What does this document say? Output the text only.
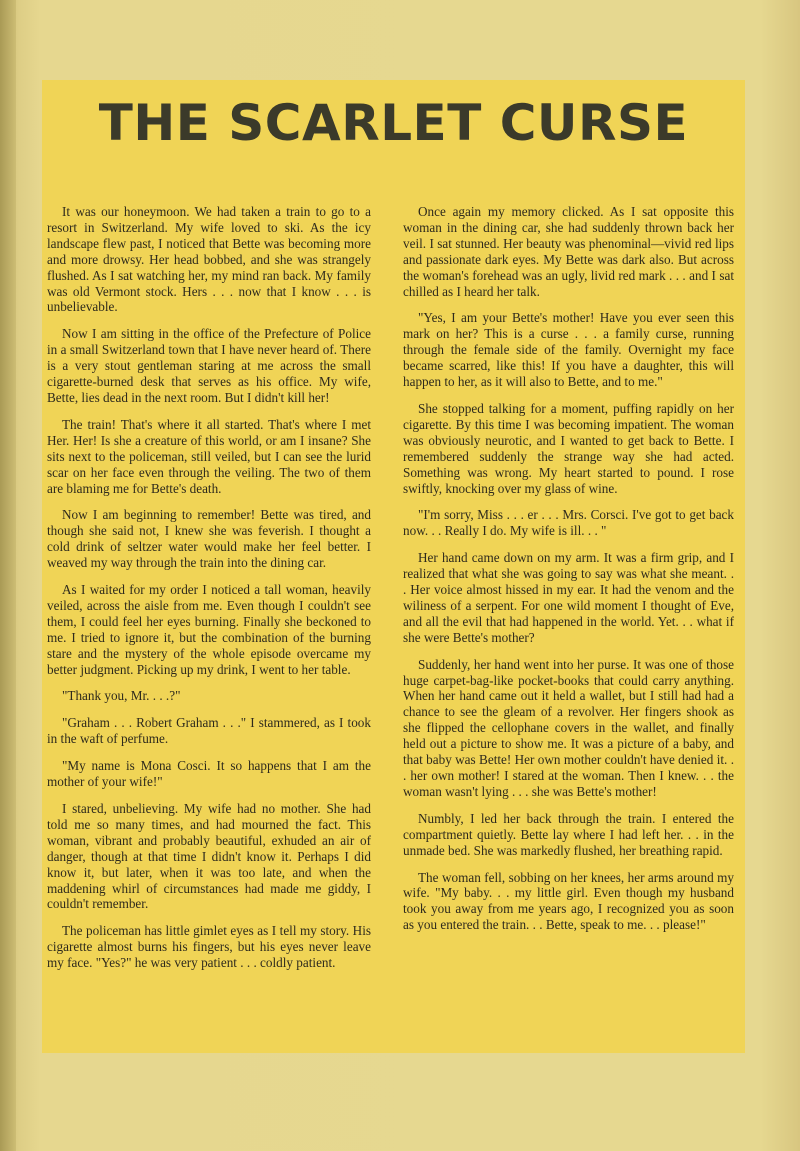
THE SCARLET CURSE

It was our honeymoon. We had taken a train to go to a resort in Switzerland. My wife loved to ski. As the icy landscape flew past, I noticed that Bette was becoming more and more drowsy. Her head bobbed, and she was strangely flushed. As I sat watching her, my mind ran back. My family was old Vermont stock. Hers . . . now that I know . . . is unbelievable.

Now I am sitting in the office of the Prefecture of Police in a small Switzerland town that I have never heard of. There is a very stout gentleman staring at me across the small cigarette-burned desk that serves as his office. My wife, Bette, lies dead in the next room. But I didn't kill her!

The train! That's where it all started. That's where I met Her. Her! Is she a creature of this world, or am I insane? She sits next to the policeman, still veiled, but I can see the lurid scar on her face even through the veiling. The two of them are blaming me for Bette's death.

Now I am beginning to remember! Bette was tired, and though she said not, I knew she was feverish. I thought a cold drink of seltzer water would make her feel better. I weaved my way through the train into the dining car.

As I waited for my order I noticed a tall woman, heavily veiled, across the aisle from me. Even though I couldn't see them, I could feel her eyes burning. Finally she beckoned to me. I tried to ignore it, but the combination of the burning stare and the mystery of the whole episode overcame my better judgment. Picking up my drink, I went to her table.

"Thank you, Mr. . . .?"

"Graham . . . Robert Graham . . ." I stammered, as I took in the waft of perfume.

"My name is Mona Cosci. It so happens that I am the mother of your wife!"

I stared, unbelieving. My wife had no mother. She had told me so many times, and had mourned the fact. This woman, vibrant and probably beautiful, exhuded an air of danger, though at that time I didn't know it. Perhaps I did know it, but later, when it was too late, and when the maddening whirl of circumstances had made me giddy, I couldn't remember.

The policeman has little gimlet eyes as I tell my story. His cigarette almost burns his fingers, but his eyes never leave my face. "Yes?" he was very patient . . . coldly patient.

Once again my memory clicked. As I sat opposite this woman in the dining car, she had suddenly thrown back her veil. I sat stunned. Her beauty was phenominal—vivid red lips and passionate dark eyes. My Bette was dark also. But across the woman's forehead was an ugly, livid red mark . . . and I sat chilled as I heard her talk.

"Yes, I am your Bette's mother! Have you ever seen this mark on her? This is a curse . . . a family curse, running through the female side of the family. Overnight my face became scarred, like this! If you have a daughter, this will happen to her, as it will also to Bette, and to me."

She stopped talking for a moment, puffing rapidly on her cigarette. By this time I was becoming impatient. The woman was obviously neurotic, and I wanted to get back to Bette. I remembered suddenly the strange way she had acted. Something was wrong. My heart started to pound. I rose swiftly, knocking over my glass of wine.

"I'm sorry, Miss . . . er . . . Mrs. Corsci. I've got to get back now. . . Really I do. My wife is ill. . . "

Her hand came down on my arm. It was a firm grip, and I realized that what she was going to say was what she meant. . . Her voice almost hissed in my ear. It had the venom and the wiliness of a serpent. For one wild moment I thought of Eve, and all the evil that had happened in the world. Yet. . . what if she were Bette's mother?

Suddenly, her hand went into her purse. It was one of those huge carpet-bag-like pocket-books that could carry anything. When her hand came out it held a wallet, but I still had had a chance to see the gleam of a revolver. Her fingers shook as she flipped the cellophane covers in the wallet, and finally held out a picture to show me. It was a picture of a baby, and that baby was Bette! Her own mother couldn't have denied it. . . her own mother! I stared at the woman. Then I knew. . . the woman wasn't lying . . . she was Bette's mother!

Numbly, I led her back through the train. I entered the compartment quietly. Bette lay where I had left her. . . in the unmade bed. She was markedly flushed, her breathing rapid.

The woman fell, sobbing on her knees, her arms around my wife. "My baby. . . my little girl. Even though my husband took you away from me years ago, I recognized you as soon as you entered the train. . . Bette, speak to me. . . please!"
